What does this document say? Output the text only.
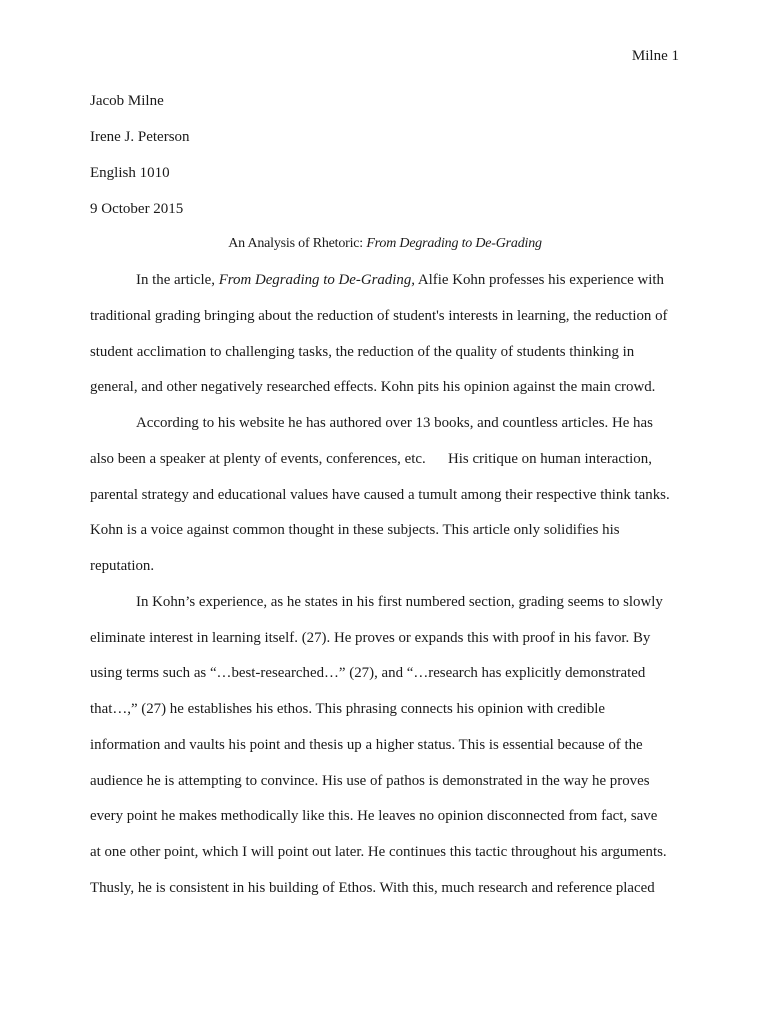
Milne 1
Jacob Milne
Irene J. Peterson
English 1010
9 October 2015
An Analysis of Rhetoric: From Degrading to De-Grading
In the article, From Degrading to De-Grading, Alfie Kohn professes his experience with
traditional grading bringing about the reduction of student's interests in learning, the reduction of
student acclimation to challenging tasks, the reduction of the quality of students thinking in
general, and other negatively researched effects. Kohn pits his opinion against the main crowd.
According to his website he has authored over 13 books, and countless articles. He has
also been a speaker at plenty of events, conferences, etc.      His critique on human interaction,
parental strategy and educational values have caused a tumult among their respective think tanks.
Kohn is a voice against common thought in these subjects. This article only solidifies his
reputation.
In Kohn’s experience, as he states in his first numbered section, grading seems to slowly
eliminate interest in learning itself. (27). He proves or expands this with proof in his favor. By
using terms such as “…best-researched…” (27), and “…research has explicitly demonstrated
that…,” (27) he establishes his ethos. This phrasing connects his opinion with credible
information and vaults his point and thesis up a higher status. This is essential because of the
audience he is attempting to convince. His use of pathos is demonstrated in the way he proves
every point he makes methodically like this. He leaves no opinion disconnected from fact, save
at one other point, which I will point out later. He continues this tactic throughout his arguments.
Thusly, he is consistent in his building of Ethos. With this, much research and reference placed
